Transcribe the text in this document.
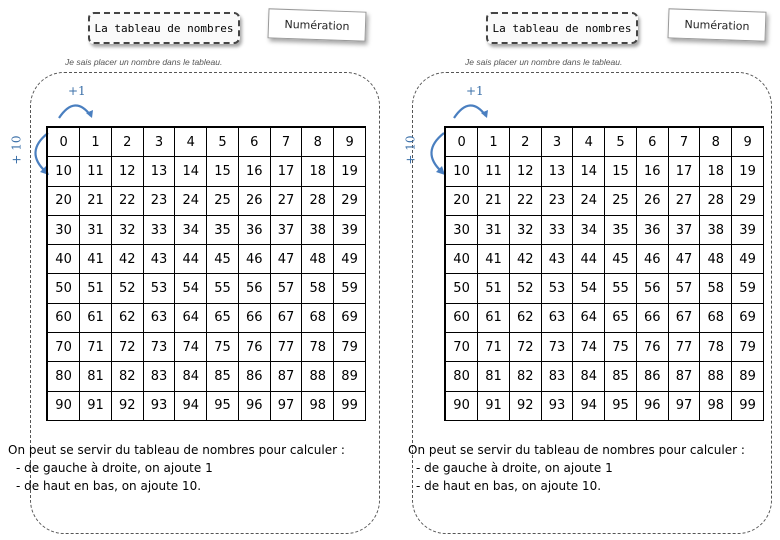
La tableau de nombres	Numération
Je sais placer un nombre dans le tableau.
+1
+ 10	0	1	2	3	4	5	6	7	8	9
10	11	12	13	14	15	16	17	18	19
20	21	22	23	24	25	26	27	28	29
30	31	32	33	34	35	36	37	38	39
40	41	42	43	44	45	46	47	48	49
50	51	52	53	54	55	56	57	58	59
60	61	62	63	64	65	66	67	68	69
70	71	72	73	74	75	76	77	78	79
80	81	82	83	84	85	86	87	88	89
90	91	92	93	94	95	96	97	98	99
On peut se servir du tableau de nombres pour calculer :
- de gauche à droite, on ajoute 1
- de haut en bas, on ajoute 10.
La tableau de nombres	Numération
Je sais placer un nombre dans le tableau.
+1
+ 10	0	1	2	3	4	5	6	7	8	9
10	11	12	13	14	15	16	17	18	19
20	21	22	23	24	25	26	27	28	29
30	31	32	33	34	35	36	37	38	39
40	41	42	43	44	45	46	47	48	49
50	51	52	53	54	55	56	57	58	59
60	61	62	63	64	65	66	67	68	69
70	71	72	73	74	75	76	77	78	79
80	81	82	83	84	85	86	87	88	89
90	91	92	93	94	95	96	97	98	99
On peut se servir du tableau de nombres pour calculer :
- de gauche à droite, on ajoute 1
- de haut en bas, on ajoute 10.
